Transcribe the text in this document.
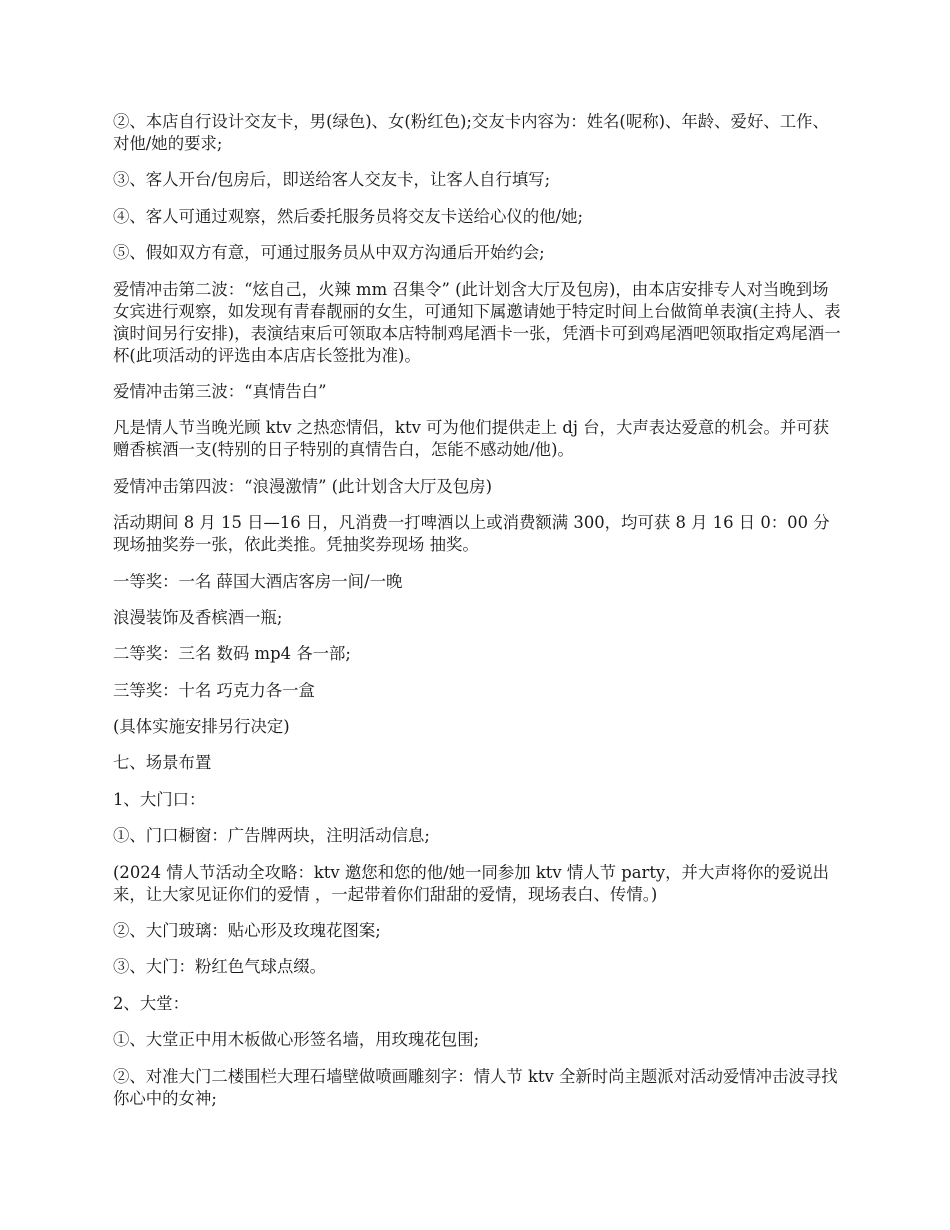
②、本店自行设计交友卡，男(绿色)、女(粉红色);交友卡内容为：姓名(呢称)、年龄、爱好、工作、对他/她的要求;

③、客人开台/包房后，即送给客人交友卡，让客人自行填写;

④、客人可通过观察，然后委托服务员将交友卡送给心仪的他/她;

⑤、假如双方有意，可通过服务员从中双方沟通后开始约会;

爱情冲击第二波：“炫自己，火辣 mm 召集令” (此计划含大厅及包房)，由本店安排专人对当晚到场女宾进行观察，如发现有青春靓丽的女生，可通知下属邀请她于特定时间上台做简单表演(主持人、表演时间另行安排)，表演结束后可领取本店特制鸡尾酒卡一张，凭酒卡可到鸡尾酒吧领取指定鸡尾酒一杯(此项活动的评选由本店店长签批为准)。

爱情冲击第三波：“真情告白”

凡是情人节当晚光顾 ktv 之热恋情侣，ktv 可为他们提供走上 dj 台，大声表达爱意的机会。并可获赠香槟酒一支(特别的日子特别的真情告白，怎能不感动她/他)。

爱情冲击第四波：“浪漫激情” (此计划含大厅及包房)

活动期间 8 月 15 日—16 日，凡消费一打啤酒以上或消费额满 300，均可获 8 月 16 日 0：00 分现场抽奖券一张，依此类推。凭抽奖券现场 抽奖。

一等奖：一名 薛国大酒店客房一间/一晚

浪漫装饰及香槟酒一瓶;

二等奖：三名 数码 mp4 各一部;

三等奖：十名 巧克力各一盒

(具体实施安排另行决定)

七、场景布置

1、大门口：

①、门口橱窗：广告牌两块，注明活动信息;

(2024 情人节活动全攻略：ktv 邀您和您的他/她一同参加 ktv 情人节 party，并大声将你的爱说出来，让大家见证你们的爱情 ，一起带着你们甜甜的爱情，现场表白、传情。)

②、大门玻璃：贴心形及玫瑰花图案;

③、大门：粉红色气球点缀。

2、大堂：

①、大堂正中用木板做心形签名墙，用玫瑰花包围;

②、对准大门二楼围栏大理石墙壁做喷画雕刻字：情人节 ktv 全新时尚主题派对活动爱情冲击波寻找你心中的女神;
